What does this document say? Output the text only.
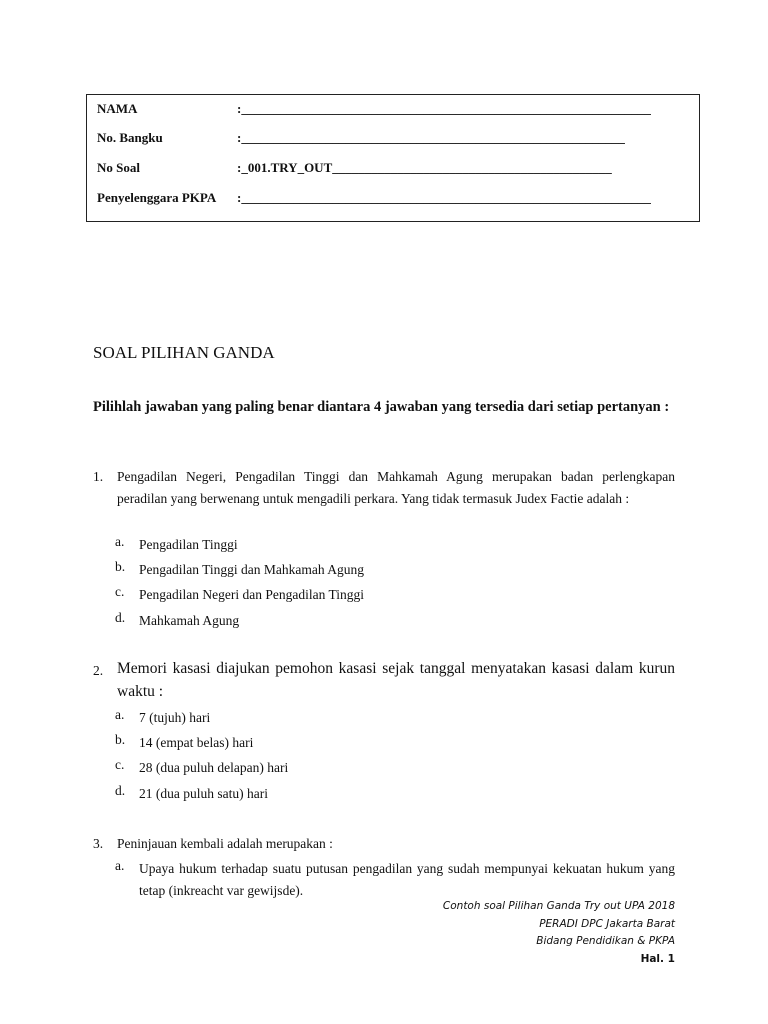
NAMA	:_______________________________________________________________
No. Bangku	:___________________________________________________________
No Soal	:_001.TRY_OUT___________________________________________
Penyelenggara PKPA :_______________________________________________________________
SOAL PILIHAN GANDA
Pilihlah jawaban yang paling benar diantara 4 jawaban yang tersedia dari setiap pertanyan :
1. Pengadilan Negeri, Pengadilan Tinggi dan Mahkamah Agung merupakan badan perlengkapan peradilan yang berwenang untuk mengadili perkara. Yang tidak termasuk Judex Factie adalah :
a. Pengadilan Tinggi
b. Pengadilan Tinggi dan Mahkamah Agung
c. Pengadilan Negeri dan Pengadilan Tinggi
d. Mahkamah Agung
2. Memori kasasi diajukan pemohon kasasi sejak tanggal menyatakan kasasi dalam kurun waktu :
a. 7 (tujuh) hari
b. 14 (empat belas) hari
c. 28 (dua puluh delapan) hari
d. 21 (dua puluh satu) hari
3. Peninjauan kembali adalah merupakan :
a. Upaya hukum terhadap suatu putusan pengadilan yang sudah mempunyai kekuatan hukum yang tetap (inkreacht var gewijsde).
Contoh soal Pilihan Ganda Try out UPA 2018
PERADI DPC Jakarta Barat
Bidang Pendidikan & PKPA
Hal. 1
